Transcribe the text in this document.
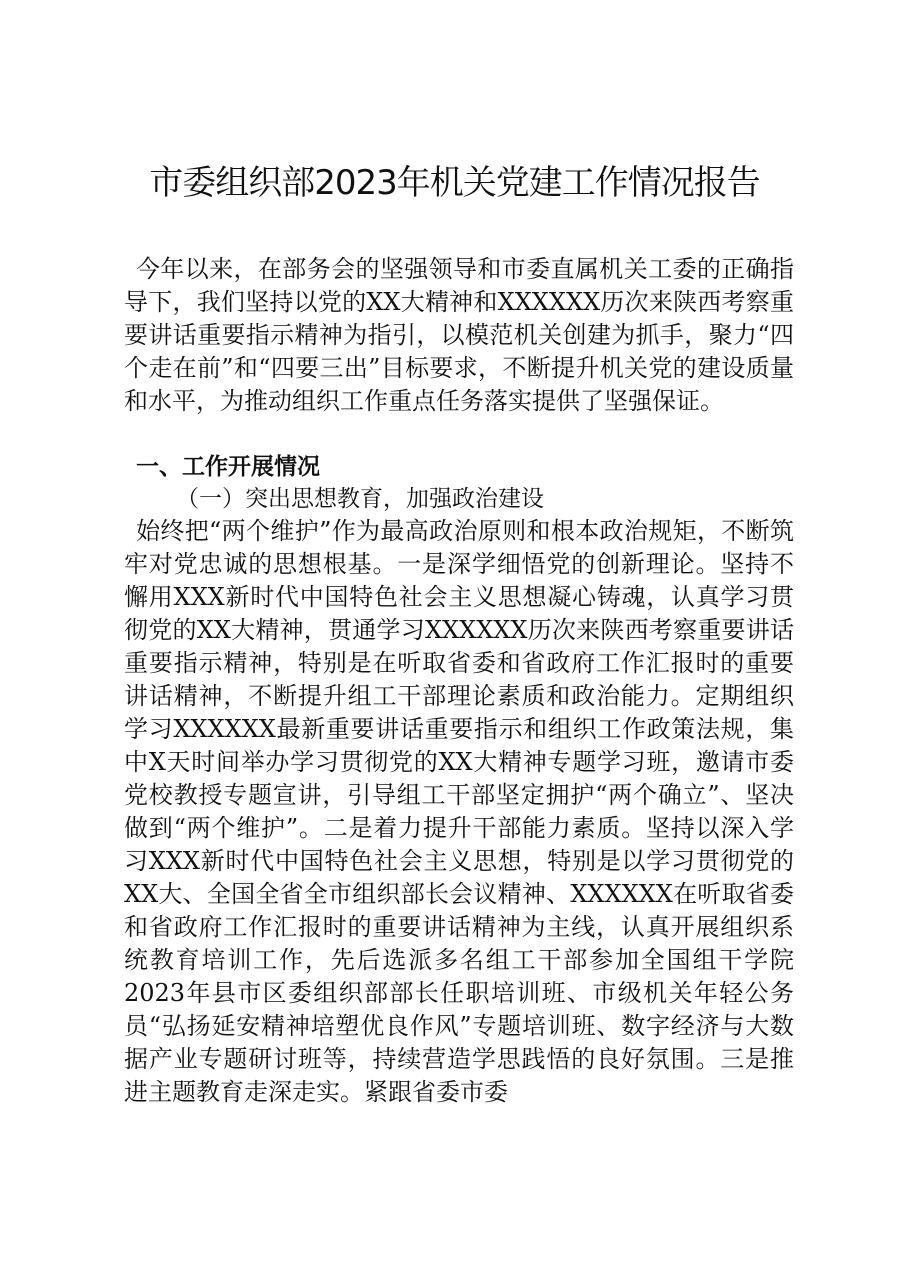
市委组织部2023年机关党建工作情况报告
今年以来，在部务会的坚强领导和市委直属机关工委的正确指导下，我们坚持以党的XX大精神和XXXXXX历次来陕西考察重要讲话重要指示精神为指引，以模范机关创建为抓手，聚力“四个走在前”和“四要三出”目标要求，不断提升机关党的建设质量和水平，为推动组织工作重点任务落实提供了坚强保证。
一、工作开展情况
（一）突出思想教育，加强政治建设
始终把“两个维护”作为最高政治原则和根本政治规矩，不断筑牢对党忠诚的思想根基。一是深学细悟党的创新理论。坚持不懈用XXX新时代中国特色社会主义思想凝心铸魂，认真学习贯彻党的XX大精神，贯通学习XXXXXX历次来陕西考察重要讲话重要指示精神，特别是在听取省委和省政府工作汇报时的重要讲话精神，不断提升组工干部理论素质和政治能力。定期组织学习XXXXXX最新重要讲话重要指示和组织工作政策法规，集中X天时间举办学习贯彻党的XX大精神专题学习班，邀请市委党校教授专题宣讲，引导组工干部坚定拥护“两个确立”、坚决做到“两个维护”。二是着力提升干部能力素质。坚持以深入学习XXX新时代中国特色社会主义思想，特别是以学习贯彻党的XX大、全国全省全市组织部长会议精神、XXXXXX在听取省委和省政府工作汇报时的重要讲话精神为主线，认真开展组织系统教育培训工作，先后选派多名组工干部参加全国组干学院2023年县市区委组织部部长任职培训班、市级机关年轻公务员“弘扬延安精神培塑优良作风”专题培训班、数字经济与大数据产业专题研讨班等，持续营造学思践悟的良好氛围。三是推进主题教育走深走实。紧跟省委市委
